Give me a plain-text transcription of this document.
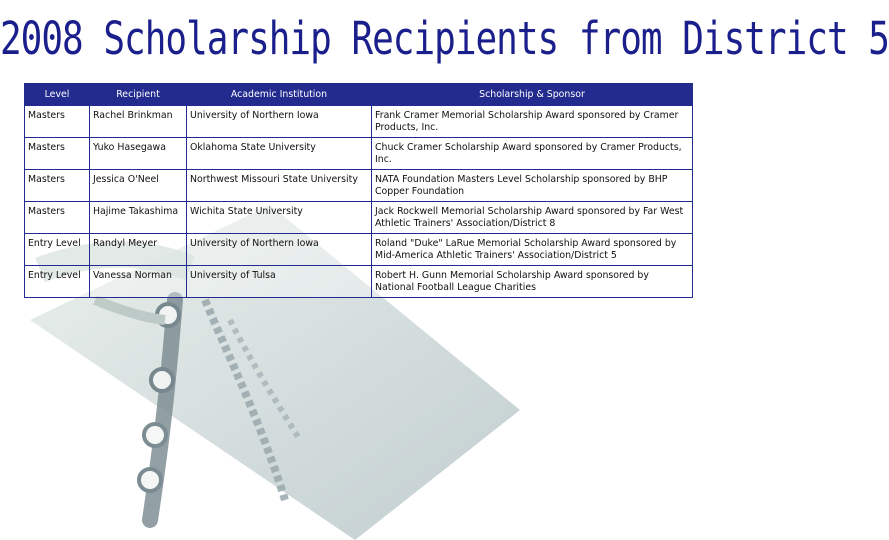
2008 Scholarship Recipients from District 5
Level	Recipient	Academic Institution	Scholarship & Sponsor
Masters	Rachel Brinkman	University of Northern Iowa	Frank Cramer Memorial Scholarship Award sponsored by Cramer Products, Inc.
Masters	Yuko Hasegawa	Oklahoma State University	Chuck Cramer Scholarship Award sponsored by Cramer Products, Inc.
Masters	Jessica O'Neel	Northwest Missouri State University	NATA Foundation Masters Level Scholarship sponsored by BHP Copper Foundation
Masters	Hajime Takashima	Wichita State University	Jack Rockwell Memorial Scholarship Award sponsored by Far West Athletic Trainers' Association/District 8
Entry Level	Randyl Meyer	University of Northern Iowa	Roland "Duke" LaRue Memorial Scholarship Award sponsored by Mid-America Athletic Trainers' Association/District 5
Entry Level	Vanessa Norman	University of Tulsa	Robert H. Gunn Memorial Scholarship Award sponsored by National Football League Charities
